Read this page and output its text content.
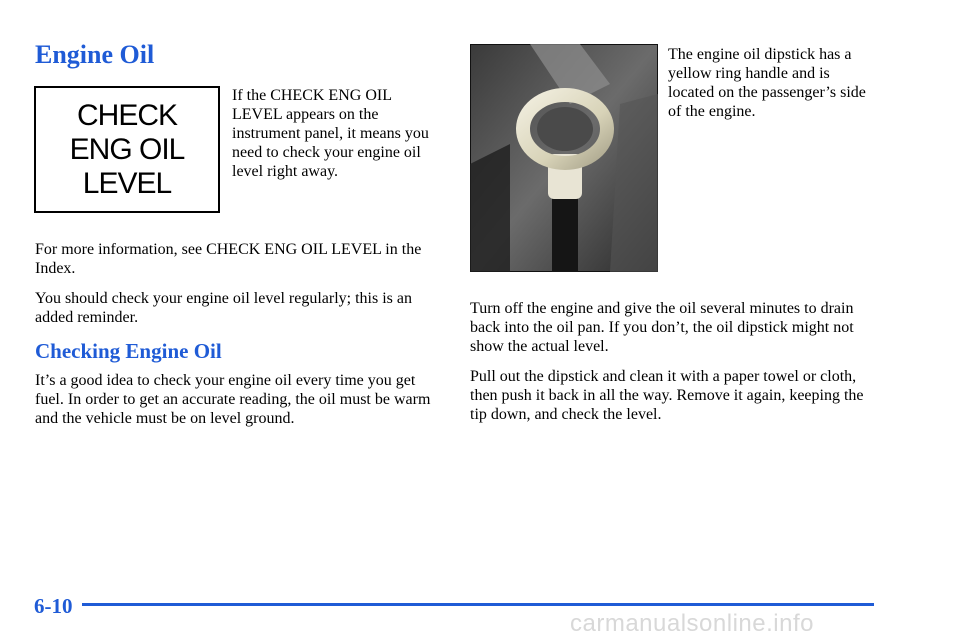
Engine Oil
CHECK
ENG OIL
LEVEL

If the CHECK ENG OIL LEVEL appears on the instrument panel, it means you need to check your engine oil level right away.

For more information, see CHECK ENG OIL LEVEL in the Index.

You should check your engine oil level regularly; this is an added reminder.

Checking Engine Oil

It’s a good idea to check your engine oil every time you get fuel. In order to get an accurate reading, the oil must be warm and the vehicle must be on level ground.

The engine oil dipstick has a yellow ring handle and is located on the passenger’s side of the engine.

Turn off the engine and give the oil several minutes to drain back into the oil pan. If you don’t, the oil dipstick might not show the actual level.

Pull out the dipstick and clean it with a paper towel or cloth, then push it back in all the way. Remove it again, keeping the tip down, and check the level.

6-10
carmanualsonline.info
